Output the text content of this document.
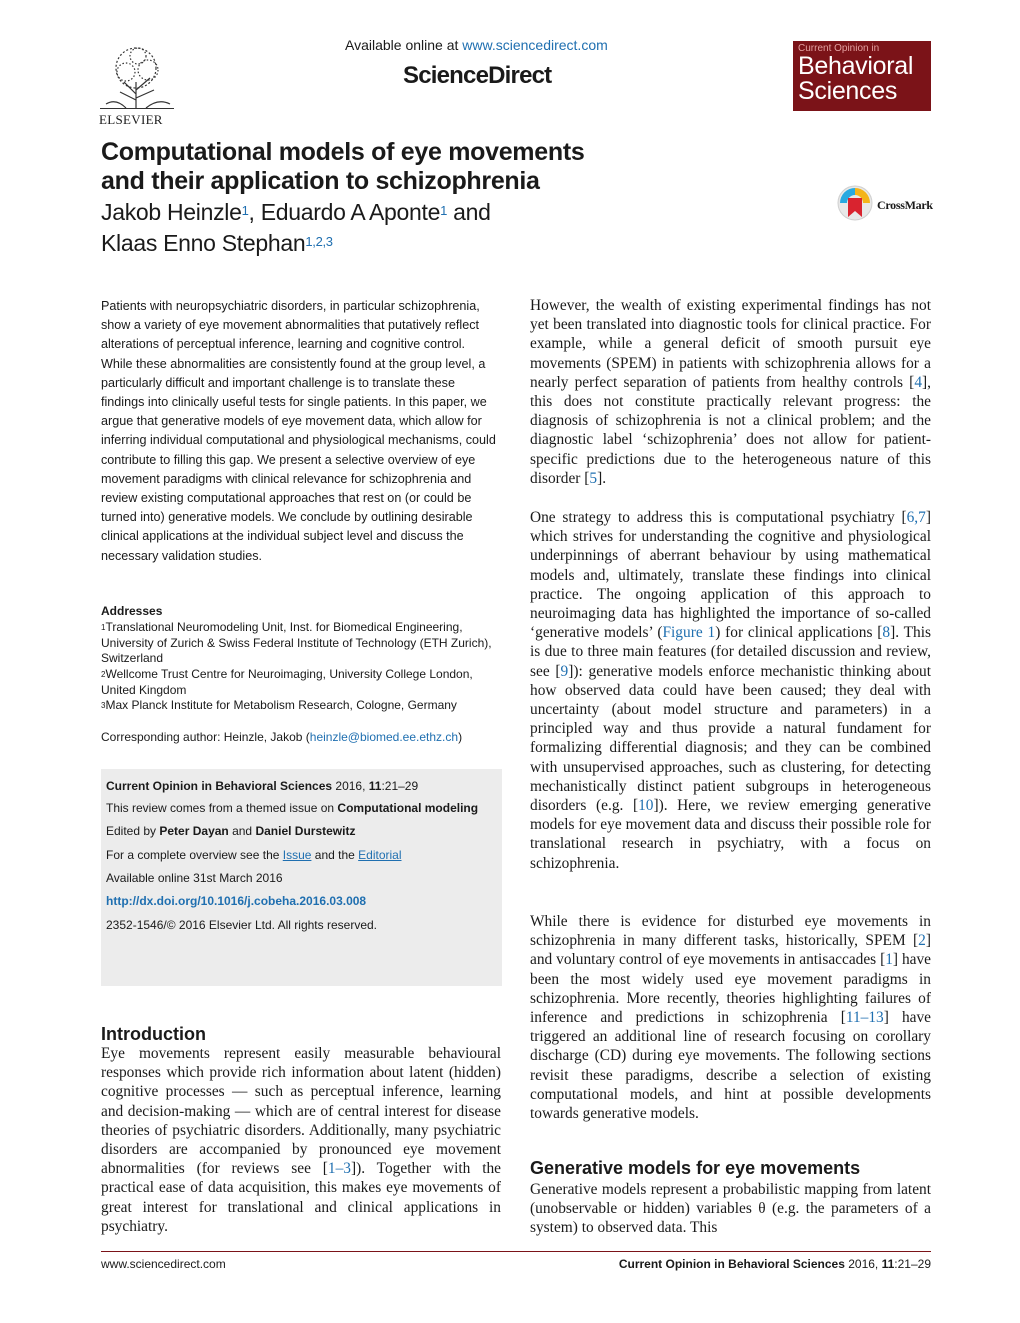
ELSEVIER
Available online at www.sciencedirect.com
ScienceDirect
Current Opinion in
Behavioral
Sciences
Computational models of eye movements
and their application to schizophrenia
Jakob Heinzle$^1$, Eduardo A Aponte$^1$ and
Klaas Enno Stephan$^{1,2,3}$
CrossMark
Patients with neuropsychiatric disorders, in particular schizophrenia, show a variety of eye movement abnormalities that putatively reflect alterations of perceptual inference, learning and cognitive control. While these abnormalities are consistently found at the group level, a particularly difficult and important challenge is to translate these findings into clinically useful tests for single patients. In this paper, we argue that generative models of eye movement data, which allow for inferring individual computational and physiological mechanisms, could contribute to filling this gap. We present a selective overview of eye movement paradigms with clinical relevance for schizophrenia and review existing computational approaches that rest on (or could be turned into) generative models. We conclude by outlining desirable clinical applications at the individual subject level and discuss the necessary validation studies.
Addresses
$^1$Translational Neuromodeling Unit, Inst. for Biomedical Engineering, University of Zurich & Swiss Federal Institute of Technology (ETH Zurich), Switzerland
$^2$Wellcome Trust Centre for Neuroimaging, University College London, United Kingdom
$^3$Max Planck Institute for Metabolism Research, Cologne, Germany
Corresponding author: Heinzle, Jakob (heinzle@biomed.ee.ethz.ch)
Current Opinion in Behavioral Sciences 2016, 11:21–29
This review comes from a themed issue on Computational modeling
Edited by Peter Dayan and Daniel Durstewitz
For a complete overview see the Issue and the Editorial
Available online 31st March 2016
http://dx.doi.org/10.1016/j.cobeha.2016.03.008
2352-1546/© 2016 Elsevier Ltd. All rights reserved.
Introduction
Eye movements represent easily measurable behavioural responses which provide rich information about latent (hidden) cognitive processes — such as perceptual inference, learning and decision-making — which are of central interest for disease theories of psychiatric disorders. Additionally, many psychiatric disorders are accompanied by pronounced eye movement abnormalities (for reviews see [1–3]). Together with the practical ease of data acquisition, this makes eye movements of great interest for translational and clinical applications in psychiatry.
However, the wealth of existing experimental findings has not yet been translated into diagnostic tools for clinical practice. For example, while a general deficit of smooth pursuit eye movements (SPEM) in patients with schizophrenia allows for a nearly perfect separation of patients from healthy controls [4], this does not constitute practically relevant progress: the diagnosis of schizophrenia is not a clinical problem; and the diagnostic label ‘schizophrenia’ does not allow for patient-specific predictions due to the heterogeneous nature of this disorder [5].
One strategy to address this is computational psychiatry [6,7] which strives for understanding the cognitive and physiological underpinnings of aberrant behaviour by using mathematical models and, ultimately, translate these findings into clinical practice. The ongoing application of this approach to neuroimaging data has highlighted the importance of so-called ‘generative models’ (Figure 1) for clinical applications [8]. This is due to three main features (for detailed discussion and review, see [9]): generative models enforce mechanistic thinking about how observed data could have been caused; they deal with uncertainty (about model structure and parameters) in a principled way and thus provide a natural fundament for formalizing differential diagnosis; and they can be combined with unsupervised approaches, such as clustering, for detecting mechanistically distinct patient subgroups in heterogeneous disorders (e.g. [10]). Here, we review emerging generative models for eye movement data and discuss their possible role for translational research in psychiatry, with a focus on schizophrenia.
While there is evidence for disturbed eye movements in schizophrenia in many different tasks, historically, SPEM [2] and voluntary control of eye movements in antisaccades [1] have been the most widely used eye movement paradigms in schizophrenia. More recently, theories highlighting failures of inference and predictions in schizophrenia [11–13] have triggered an additional line of research focusing on corollary discharge (CD) during eye movements. The following sections revisit these paradigms, describe a selection of existing computational models, and hint at possible developments towards generative models.
Generative models for eye movements
Generative models represent a probabilistic mapping from latent (unobservable or hidden) variables θ (e.g. the parameters of a system) to observed data. This
www.sciencedirect.com	Current Opinion in Behavioral Sciences 2016, 11:21–29
